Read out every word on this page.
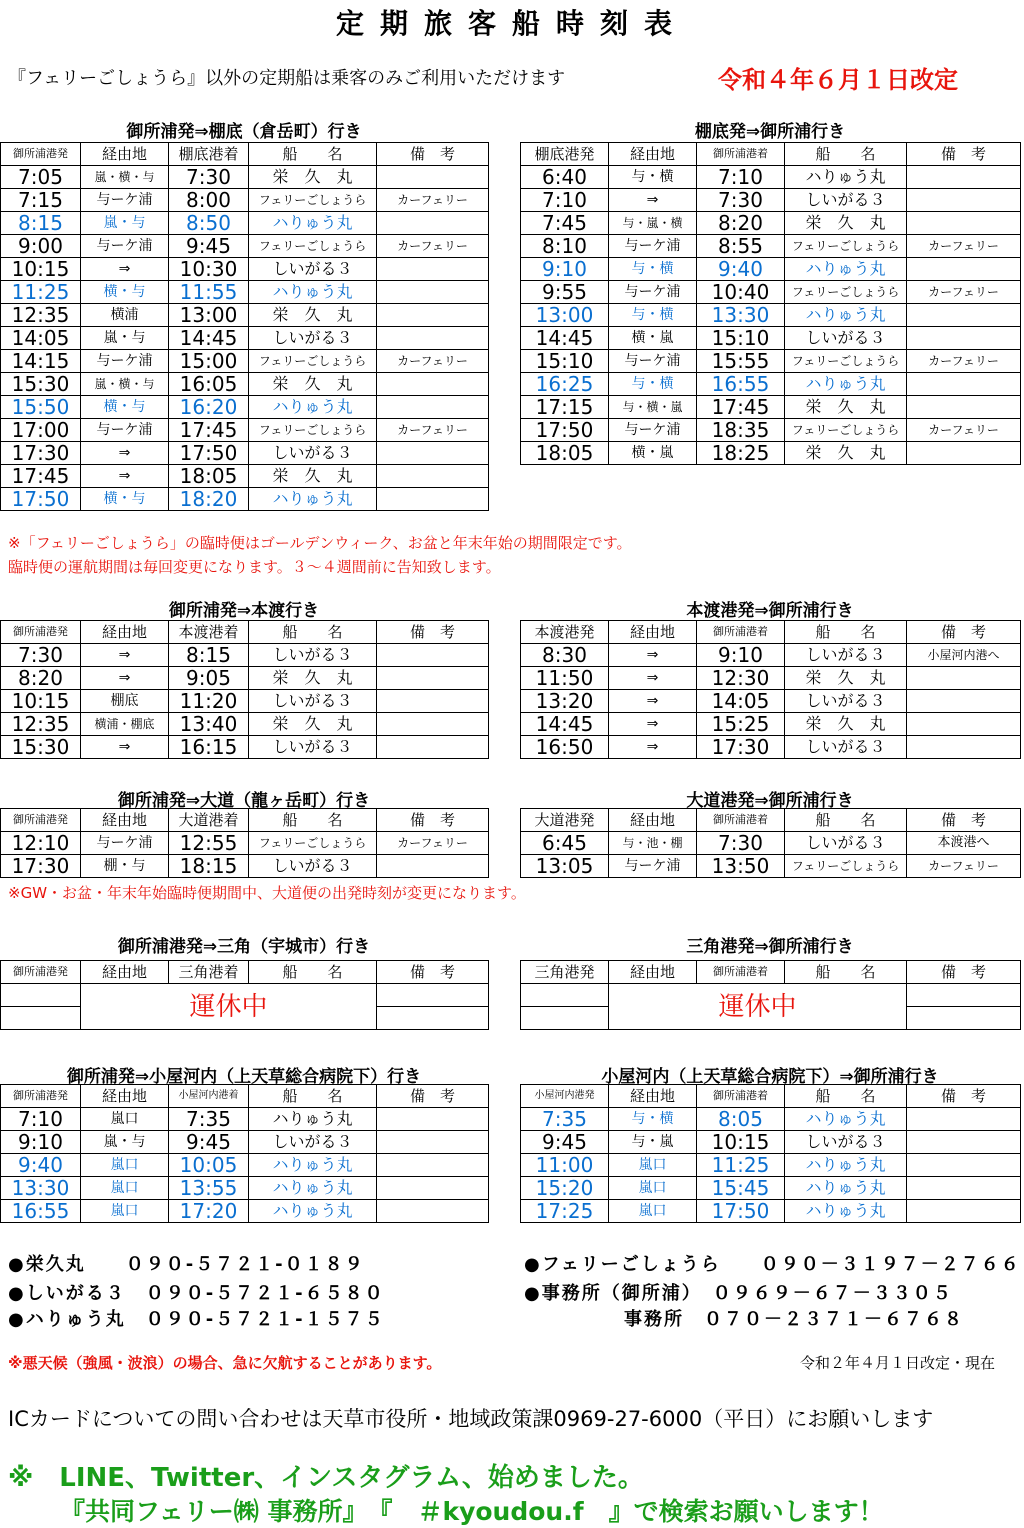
定期旅客船時刻表
『フェリーごしょうら』以外の定期船は乗客のみご利用いただけます	令和４年６月１日改定
御所浦発⇒棚底（倉岳町）行き
御所浦港発	経由地	棚底港着	船　　名	備　考
7:05	嵐・横・与	7:30	栄　久　丸	
7:15	与ーケ浦	8:00	フェリーごしょうら	カーフェリー
8:15	嵐・与	8:50	ハりゅう丸	
9:00	与ーケ浦	9:45	フェリーごしょうら	カーフェリー
10:15	⇒	10:30	しいがる３	
11:25	横・与	11:55	ハりゅう丸	
12:35	横浦	13:00	栄　久　丸	
14:05	嵐・与	14:45	しいがる３	
14:15	与ーケ浦	15:00	フェリーごしょうら	カーフェリー
15:30	嵐・横・与	16:05	栄　久　丸	
15:50	横・与	16:20	ハりゅう丸	
17:00	与ーケ浦	17:45	フェリーごしょうら	カーフェリー
17:30	⇒	17:50	しいがる３	
17:45	⇒	18:05	栄　久　丸	
17:50	横・与	18:20	ハりゅう丸	
棚底発⇒御所浦行き
棚底港発	経由地	御所浦港着	船　　名	備　考
6:40	与・横	7:10	ハりゅう丸	
7:10	⇒	7:30	しいがる３	
7:45	与・嵐・横	8:20	栄　久　丸	
8:10	与ーケ浦	8:55	フェリーごしょうら	カーフェリー
9:10	与・横	9:40	ハりゅう丸	
9:55	与ーケ浦	10:40	フェリーごしょうら	カーフェリー
13:00	与・横	13:30	ハりゅう丸	
14:45	横・嵐	15:10	しいがる３	
15:10	与ーケ浦	15:55	フェリーごしょうら	カーフェリー
16:25	与・横	16:55	ハりゅう丸	
17:15	与・横・嵐	17:45	栄　久　丸	
17:50	与ーケ浦	18:35	フェリーごしょうら	カーフェリー
18:05	横・嵐	18:25	栄　久　丸	
※「フェリーごしょうら」の臨時便はゴールデンウィーク、お盆と年末年始の期間限定です。
臨時便の運航期間は毎回変更になります。３～４週間前に告知致します。
御所浦発⇒本渡行き
御所浦港発	経由地	本渡港着	船　　名	備　考
7:30	⇒	8:15	しいがる３	
8:20	⇒	9:05	栄　久　丸	
10:15	棚底	11:20	しいがる３	
12:35	横浦・棚底	13:40	栄　久　丸	
15:30	⇒	16:15	しいがる３	
本渡港発⇒御所浦行き
本渡港発	経由地	御所浦港着	船　　名	備　考
8:30	⇒	9:10	しいがる３	小屋河内港へ
11:50	⇒	12:30	栄　久　丸	
13:20	⇒	14:05	しいがる３	
14:45	⇒	15:25	栄　久　丸	
16:50	⇒	17:30	しいがる３	
御所浦発⇒大道（龍ヶ岳町）行き
御所浦港発	経由地	大道港着	船　　名	備　考
12:10	与ーケ浦	12:55	フェリーごしょうら	カーフェリー
17:30	棚・与	18:15	しいがる３	
大道港発⇒御所浦行き
大道港発	経由地	御所浦港着	船　　名	備　考
6:45	与・池・棚	7:30	しいがる３	本渡港へ
13:05	与ーケ浦	13:50	フェリーごしょうら	カーフェリー
※GW・お盆・年末年始臨時便期間中、大道便の出発時刻が変更になります。
御所浦港発⇒三角（宇城市）行き
御所浦港発	経由地	三角港着	船　　名	備　考
	運休中			

三角港発⇒御所浦行き
三角港発	経由地	御所浦港着	船　　名	備　考
	運休中			

御所浦発⇒小屋河内（上天草総合病院下）行き
御所浦港発	経由地	小屋河内港着	船　　名	備　考
7:10	嵐口	7:35	ハりゅう丸	
9:10	嵐・与	9:45	しいがる３	
9:40	嵐口	10:05	ハりゅう丸	
13:30	嵐口	13:55	ハりゅう丸	
16:55	嵐口	17:20	ハりゅう丸	
小屋河内（上天草総合病院下）⇒御所浦行き
小屋河内港発	経由地	御所浦港着	船　　名	備　考
7:35	与・横	8:05	ハりゅう丸	
9:45	与・嵐	10:15	しいがる３	
11:00	嵐口	11:25	ハりゅう丸	
15:20	嵐口	15:45	ハりゅう丸	
17:25	嵐口	17:50	ハりゅう丸	
●栄久丸　　０９０-５７２１-０１８９
●しいがる３　０９０-５７２１-６５８０
●ハりゅう丸　０９０-５７２１-１５７５
●フェリーごしょうら　　０９０－３１９７－２７６６
●事務所（御所浦）　０９６９－６７－３３０５
事務所　０７０－２３７１－６７６８
※悪天候（強風・波浪）の場合、急に欠航することがあります。	令和２年４月１日改定・現在
ICカードについての問い合わせは天草市役所・地域政策課0969-27-6000（平日）にお願いします
※　LINE、Twitter、インスタグラム、始めました。
『共同フェリー㈱ 事務所』　『　＃kyoudou.f　』で検索お願いします！
